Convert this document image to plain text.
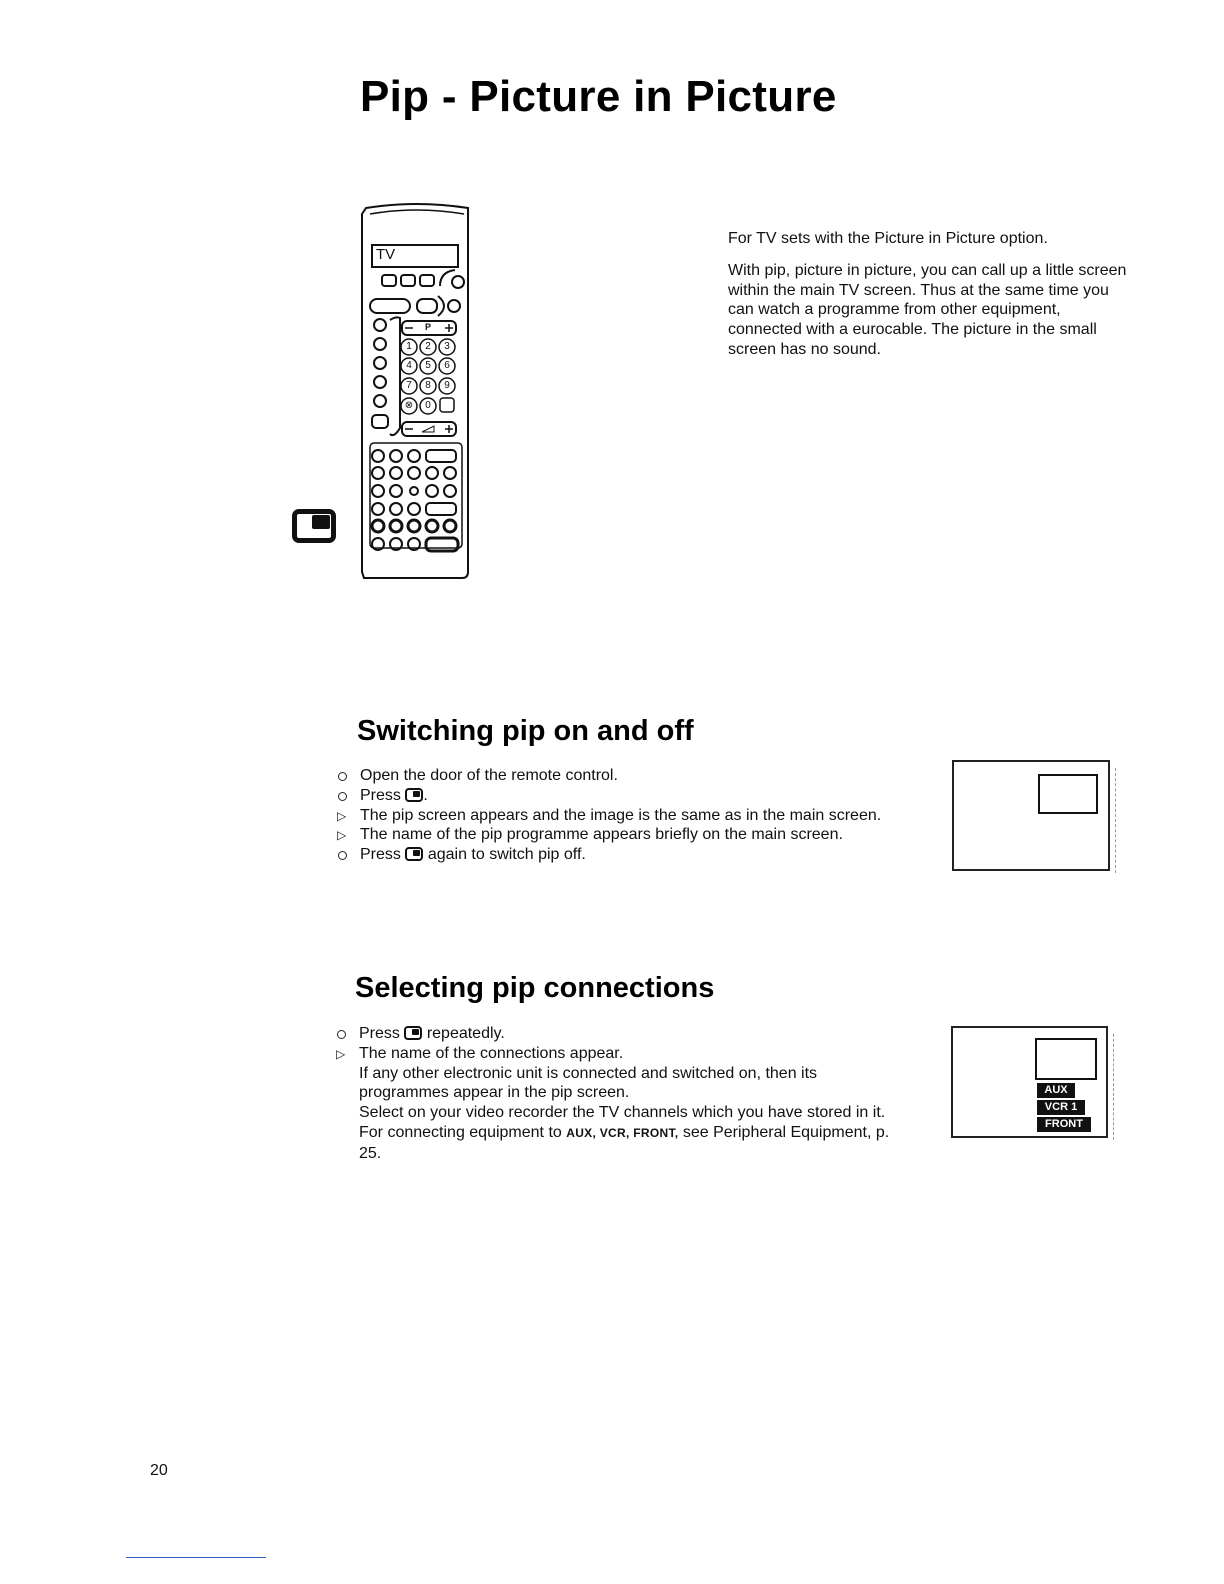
Pip - Picture in Picture
TV
P
1 2 3
4 5 6
7 8 9
⊗ 0

For TV sets with the Picture in Picture option.

With pip, picture in picture, you can call up a little screen within the main TV screen. Thus at the same time you can watch a programme from other equipment, connected with a eurocable. The picture in the small screen has no sound.

Switching pip on and off
Open the door of the remote control.
Press .
▷ The pip screen appears and the image is the same as in the main screen.
▷ The name of the pip programme appears briefly on the main screen.
Press again to switch pip off.
Selecting pip connections
Press repeatedly.
▷ The name of the connections appear.

If any other electronic unit is connected and switched on, then its programmes appear in the pip screen.

Select on your video recorder the TV channels which you have stored in it.

For connecting equipment to AUX, VCR, FRONT, see Peripheral Equipment, p. 25.

AUX
VCR 1
FRONT
20
